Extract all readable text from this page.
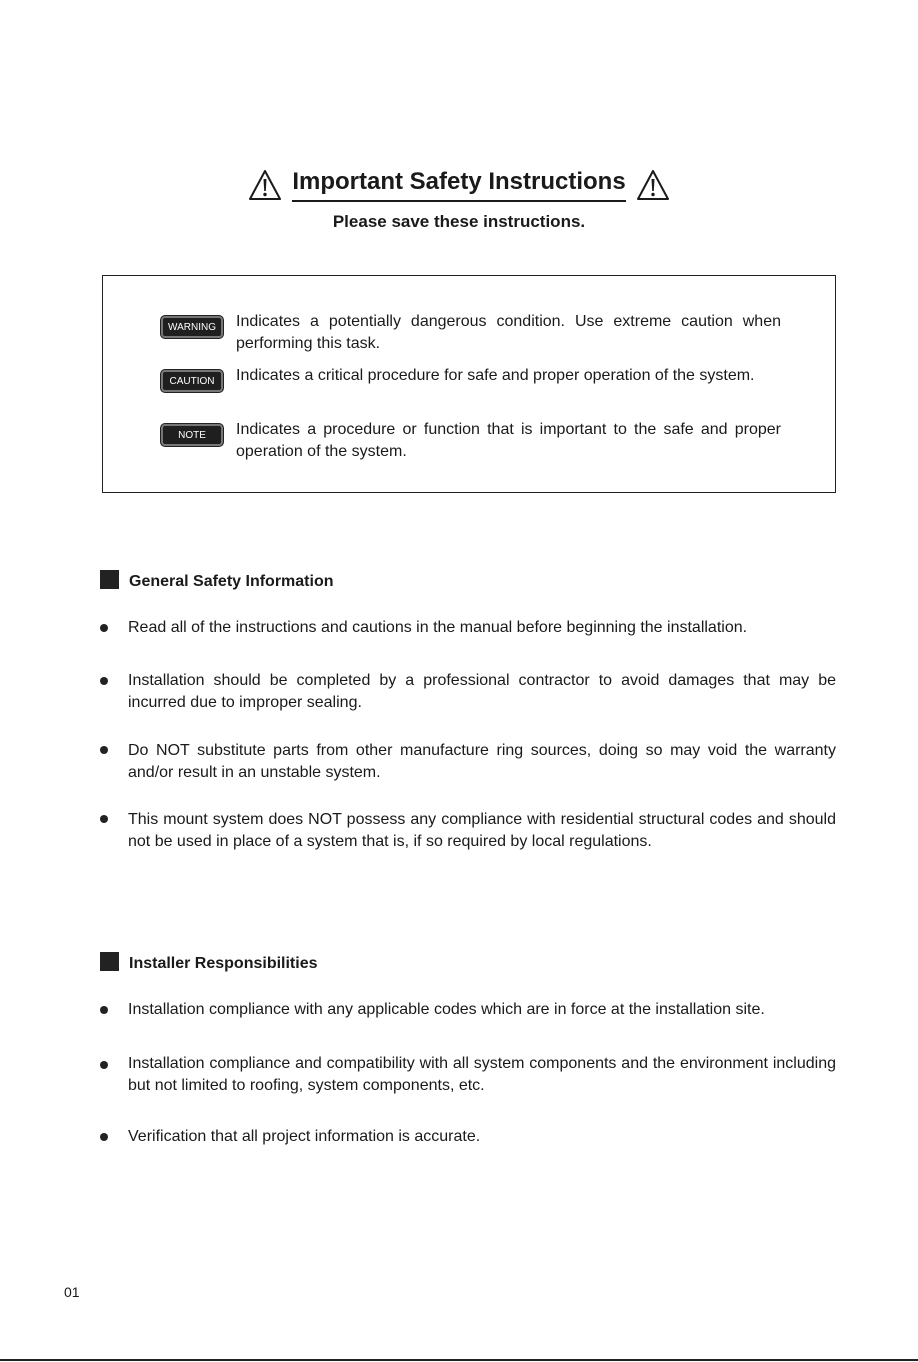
Important Safety Instructions
Please save these instructions.
WARNING	Indicates a potentially dangerous condition. Use extreme caution when performing this task.
CAUTION	Indicates a critical procedure for safe and proper operation of the system.
NOTE	Indicates a procedure or function that is important to the safe and proper operation of the system.
General Safety Information
Read all of the instructions and cautions in the manual before beginning the installation.
Installation should be completed by a professional contractor to avoid damages that may be incurred due to improper sealing.
Do NOT substitute parts from other manufacture ring sources, doing so may void the warranty and/or result in an unstable system.
This mount system does NOT possess any compliance with residential structural codes and should not be used in place of a system that is, if so required by local regulations.
Installer Responsibilities
Installation compliance with any applicable codes which are in force at the installation site.
Installation compliance and compatibility with all system components and the environment including but not limited to roofing, system components, etc.
Verification that all project information is accurate.
01
